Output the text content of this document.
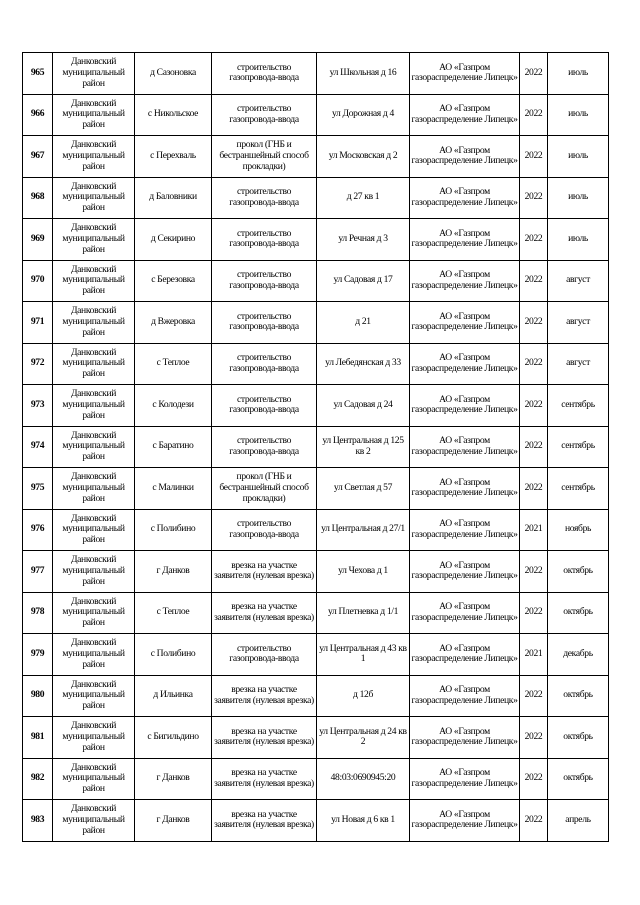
965	Данковский муниципальный район	д Сазоновка	строительство газопровода-ввода	ул Школьная д 16	АО «Газпром газораспределение Липецк»	2022	июль
966	Данковский муниципальный район	с Никольское	строительство газопровода-ввода	ул Дорожная д 4	АО «Газпром газораспределение Липецк»	2022	июль
967	Данковский муниципальный район	с Перехваль	прокол (ГНБ и бестраншейный способ прокладки)	ул Московская д 2	АО «Газпром газораспределение Липецк»	2022	июль
968	Данковский муниципальный район	д Баловники	строительство газопровода-ввода	д 27 кв 1	АО «Газпром газораспределение Липецк»	2022	июль
969	Данковский муниципальный район	д Секирино	строительство газопровода-ввода	ул Речная д 3	АО «Газпром газораспределение Липецк»	2022	июль
970	Данковский муниципальный район	с Березовка	строительство газопровода-ввода	ул Садовая д 17	АО «Газпром газораспределение Липецк»	2022	август
971	Данковский муниципальный район	д Вжеровка	строительство газопровода-ввода	д 21	АО «Газпром газораспределение Липецк»	2022	август
972	Данковский муниципальный район	с Теплое	строительство газопровода-ввода	ул Лебедянская д 33	АО «Газпром газораспределение Липецк»	2022	август
973	Данковский муниципальный район	с Колодези	строительство газопровода-ввода	ул Садовая д 24	АО «Газпром газораспределение Липецк»	2022	сентябрь
974	Данковский муниципальный район	с Баратино	строительство газопровода-ввода	ул Центральная д 125 кв 2	АО «Газпром газораспределение Липецк»	2022	сентябрь
975	Данковский муниципальный район	с Малинки	прокол (ГНБ и бестраншейный способ прокладки)	ул Светлая д 57	АО «Газпром газораспределение Липецк»	2022	сентябрь
976	Данковский муниципальный район	с Полибино	строительство газопровода-ввода	ул Центральная д 27/1	АО «Газпром газораспределение Липецк»	2021	ноябрь
977	Данковский муниципальный район	г Данков	врезка на участке заявителя (нулевая врезка)	ул Чехова д 1	АО «Газпром газораспределение Липецк»	2022	октябрь
978	Данковский муниципальный район	с Теплое	врезка на участке заявителя (нулевая врезка)	ул Плетневка д 1/1	АО «Газпром газораспределение Липецк»	2022	октябрь
979	Данковский муниципальный район	с Полибино	строительство газопровода-ввода	ул Центральная д 43 кв 1	АО «Газпром газораспределение Липецк»	2021	декабрь
980	Данковский муниципальный район	д Ильинка	врезка на участке заявителя (нулевая врезка)	д 12б	АО «Газпром газораспределение Липецк»	2022	октябрь
981	Данковский муниципальный район	с Бигильдино	врезка на участке заявителя (нулевая врезка)	ул Центральная д 24 кв 2	АО «Газпром газораспределение Липецк»	2022	октябрь
982	Данковский муниципальный район	г Данков	врезка на участке заявителя (нулевая врезка)	48:03:0690945:20	АО «Газпром газораспределение Липецк»	2022	октябрь
983	Данковский муниципальный район	г Данков	врезка на участке заявителя (нулевая врезка)	ул Новая д 6 кв 1	АО «Газпром газораспределение Липецк»	2022	апрель
